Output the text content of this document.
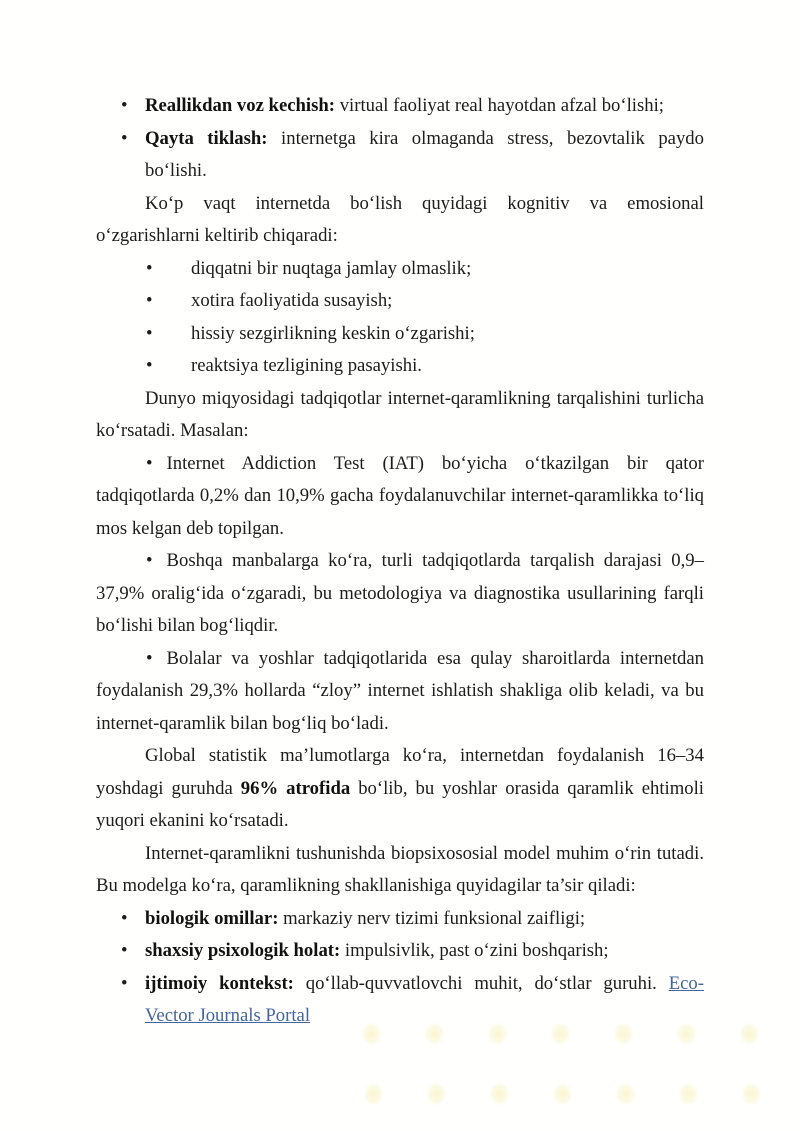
• Reallikdan voz kechish: virtual faoliyat real hayotdan afzal bo‘lishi;
• Qayta tiklash: internetga kira olmaganda stress, bezovtalik paydo bo‘lishi.

Ko‘p vaqt internetda bo‘lish quyidagi kognitiv va emosional o‘zgarishlarni keltirib chiqaradi:

• diqqatni bir nuqtaga jamlay olmaslik;
• xotira faoliyatida susayish;
• hissiy sezgirlikning keskin o‘zgarishi;
• reaktsiya tezligining pasayishi.

Dunyo miqyosidagi tadqiqotlar internet-qaramlikning tarqalishini turlicha ko‘rsatadi. Masalan:

• Internet Addiction Test (IAT) bo‘yicha o‘tkazilgan bir qator tadqiqotlarda 0,2% dan 10,9% gacha foydalanuvchilar internet-qaramlikka to‘liq mos kelgan deb topilgan.

• Boshqa manbalarga ko‘ra, turli tadqiqotlarda tarqalish darajasi 0,9–37,9% oralig‘ida o‘zgaradi, bu metodologiya va diagnostika usullarining farqli bo‘lishi bilan bog‘liqdir.

• Bolalar va yoshlar tadqiqotlarida esa qulay sharoitlarda internetdan foydalanish 29,3% hollarda “zloy” internet ishlatish shakliga olib keladi, va bu internet-qaramlik bilan bog‘liq bo‘ladi.

Global statistik ma’lumotlarga ko‘ra, internetdan foydalanish 16–34 yoshdagi guruhda 96% atrofida bo‘lib, bu yoshlar orasida qaramlik ehtimoli yuqori ekanini ko‘rsatadi.

Internet-qaramlikni tushunishda biopsixososial model muhim o‘rin tutadi. Bu modelga ko‘ra, qaramlikning shakllanishiga quyidagilar ta’sir qiladi:

• biologik omillar: markaziy nerv tizimi funksional zaifligi;
• shaxsiy psixologik holat: impulsivlik, past o‘zini boshqarish;
• ijtimoiy kontekst: qo‘llab-quvvatlovchi muhit, do‘stlar guruhi. Eco-Vector Journals Portal
